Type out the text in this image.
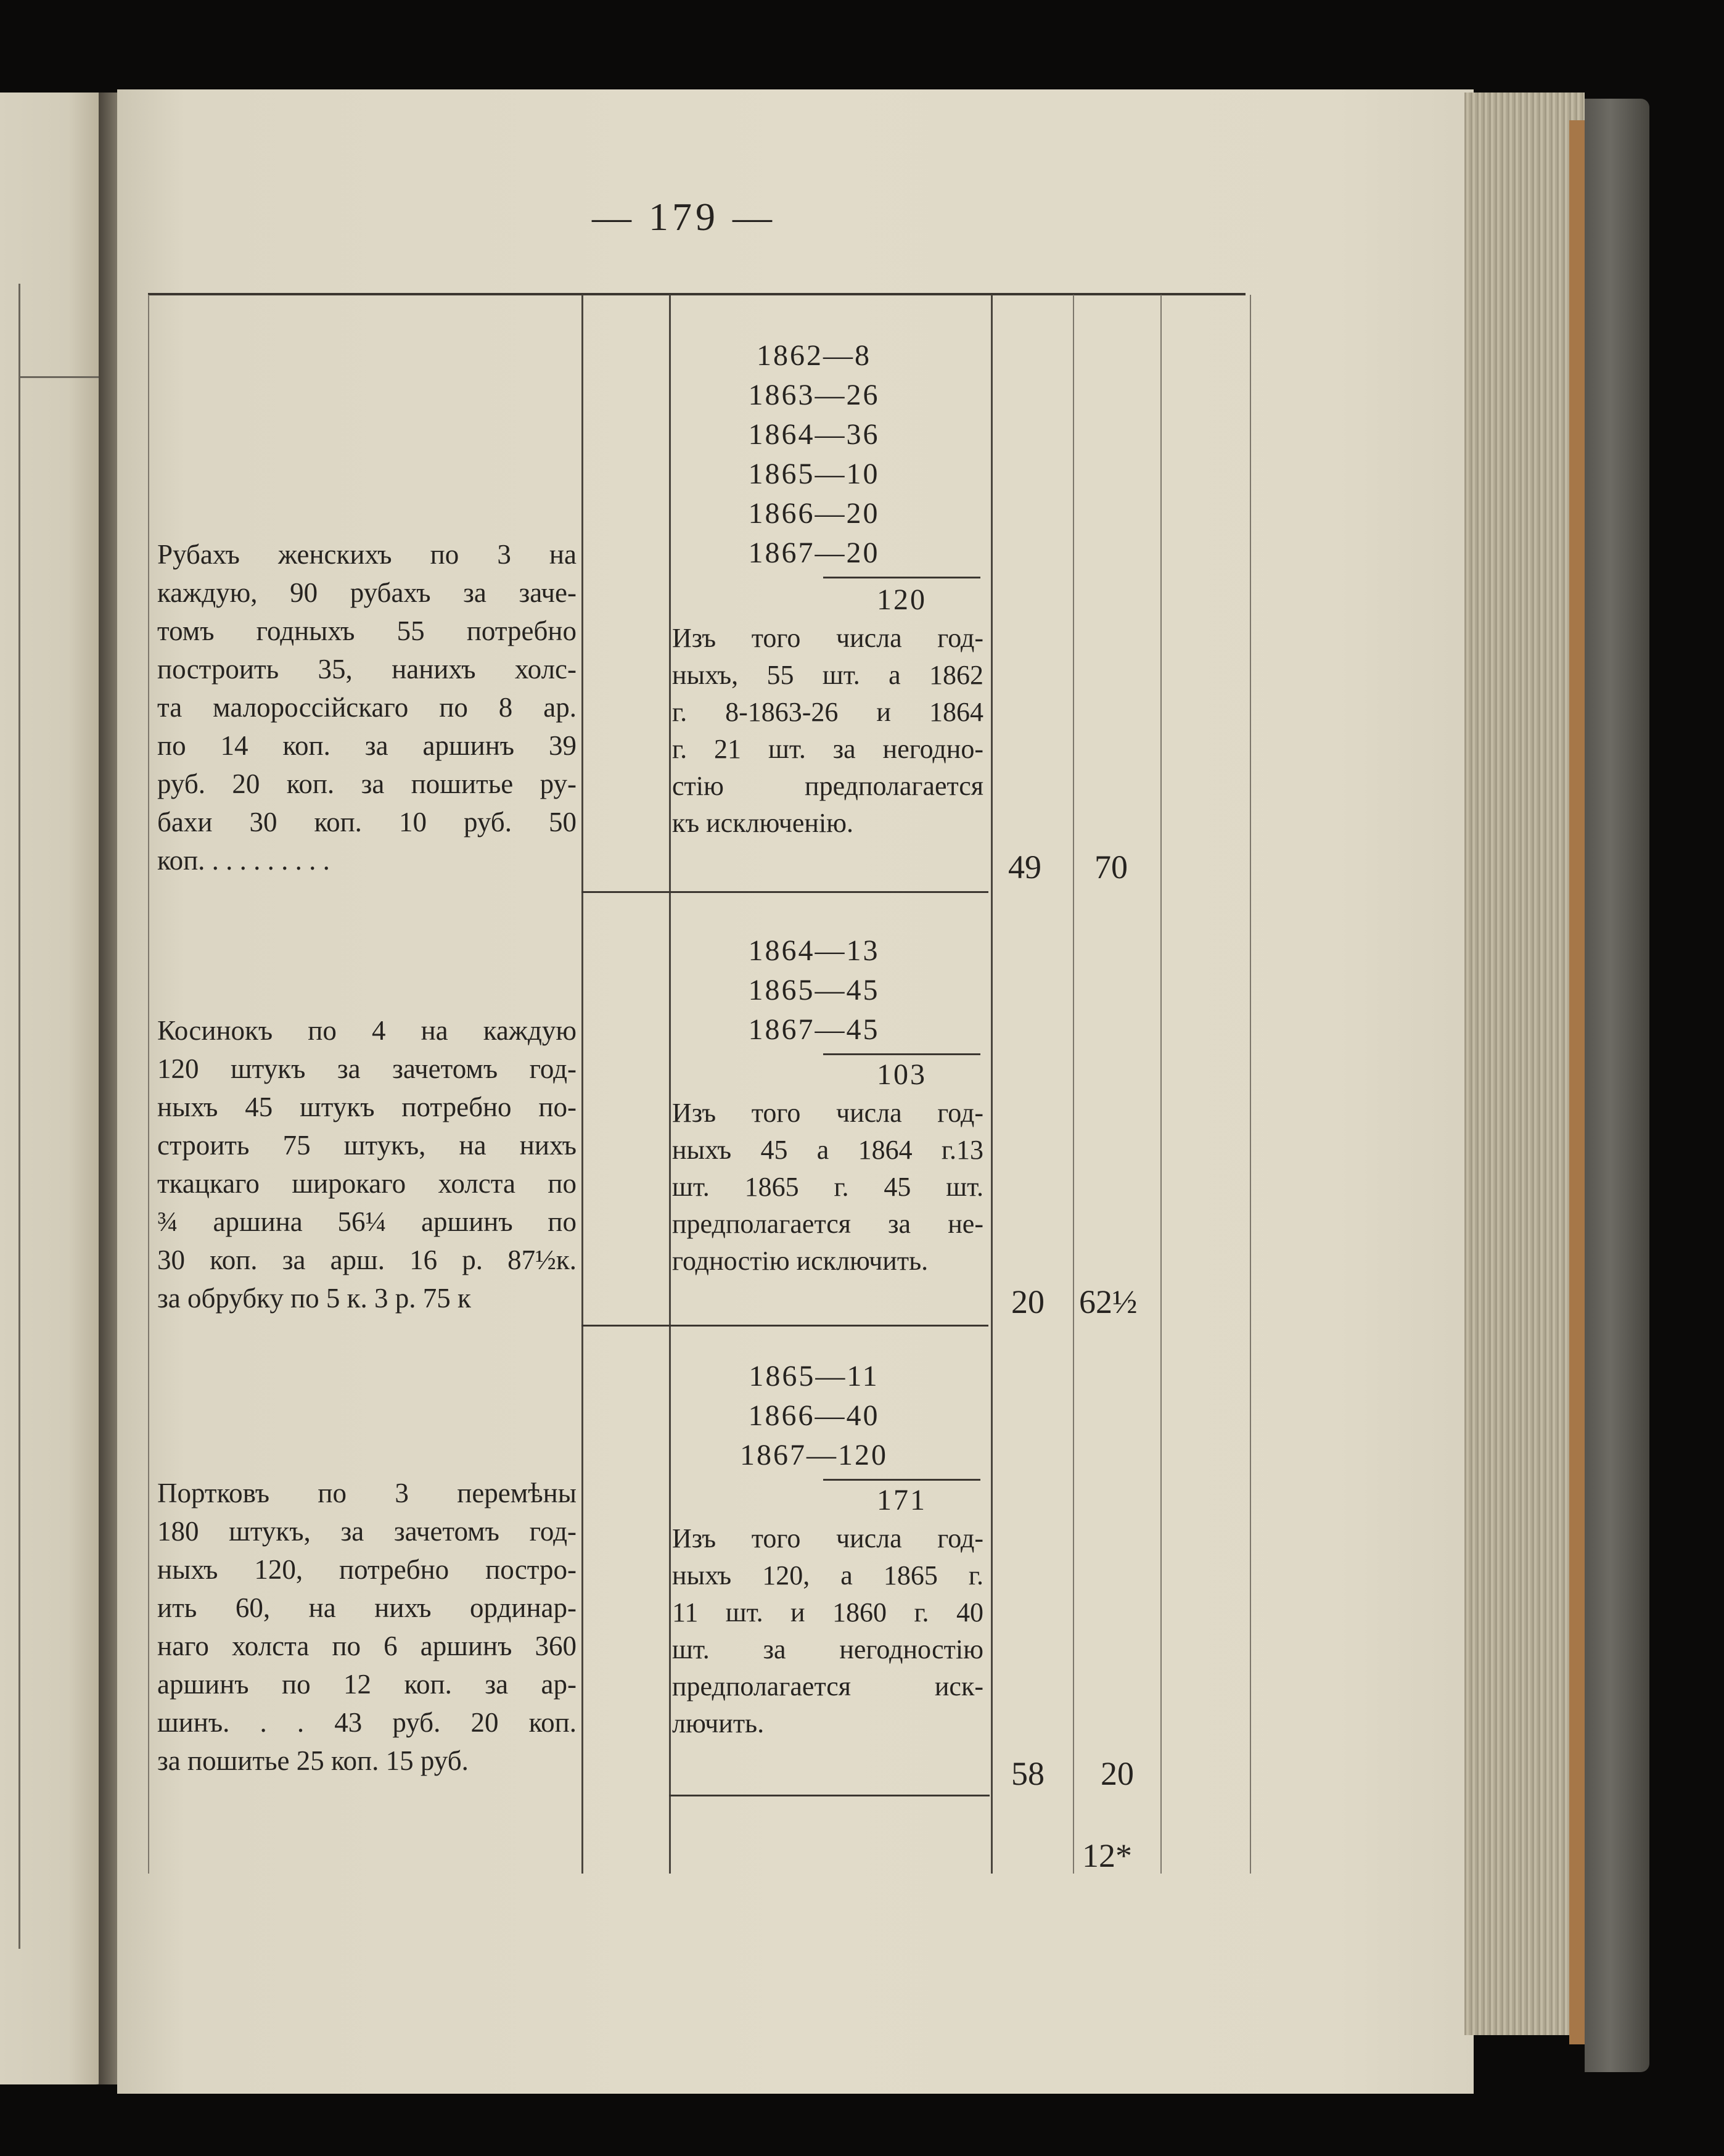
— 179 —
Рубахъ женскихъ по 3 на
каждую, 90 рубахъ за заче-
томъ годныхъ 55 потребно
построить 35, нанихъ холс-
та малороссійскаго по 8 ар.
по 14 коп. за аршинъ 39
руб. 20 коп. за пошитье ру-
бахи 30 коп. 10 руб. 50
коп. . . . . . . . . .
1862—8
1863—26
1864—36
1865—10
1866—20
1867—20
120
Изъ того числа год-
ныхъ, 55 шт. а 1862
г. 8-1863-26 и 1864
г. 21 шт. за негодно-
стію предполагается
къ исключенію.
49 70
Косинокъ по 4 на каждую
120 штукъ за зачетомъ год-
ныхъ 45 штукъ потребно по-
строить 75 штукъ, на нихъ
ткацкаго широкаго холста по
¾ аршина 56¼ аршинъ по
30 коп. за арш. 16 р. 87½к.
за обрубку по 5 к. 3 р. 75 к
1864—13
1865—45
1867—45
103
Изъ того числа год-
ныхъ 45 а 1864 г.13
шт. 1865 г. 45 шт.
предполагается за не-
годностію исключить.
20 62½
Портковъ по 3 перемѣны
180 штукъ, за зачетомъ год-
ныхъ 120, потребно постро-
ить 60, на нихъ ординар-
наго холста по 6 аршинъ 360
аршинъ по 12 коп. за ар-
шинъ. . . 43 руб. 20 коп.
за пошитье 25 коп. 15 руб.
1865—11
1866—40
1867—120
171
Изъ того числа год-
ныхъ 120, а 1865 г.
11 шт. и 1860 г. 40
шт. за негодностію
предполагается иск-
лючить.
58 20
12*
